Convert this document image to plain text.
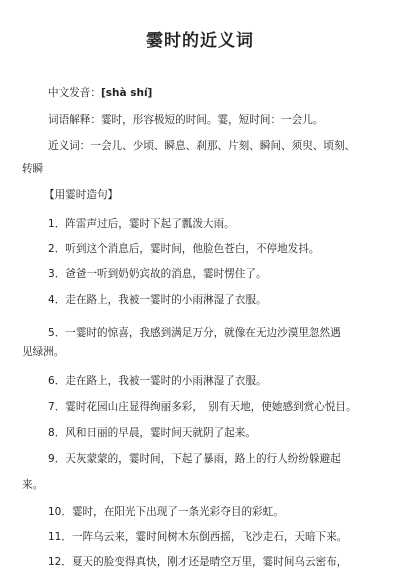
霎时的近义词
中文发音：[shà shí]
词语解释：霎时，形容极短的时间。霎，短时间：一会儿。
近义词：一会儿、少顷、瞬息、刹那、片刻、瞬间、须臾、顷刻、
转瞬
【用霎时造句】
1．阵雷声过后，霎时下起了瓢泼大雨。
2．听到这个消息后，霎时间，他脸色苍白，不停地发抖。
3．爸爸一听到奶奶宾故的消息，霎时愣住了。
4．走在路上，我被一霎时的小雨淋湿了衣服。
5．一霎时的惊喜，我感到满足万分，就像在无边沙漠里忽然遇
见绿洲。
6．走在路上，我被一霎时的小雨淋湿了衣服。
7．霎时花园山庄显得绚丽多彩，　别有天地，使她感到赏心悦目。
8．风和日丽的早晨，霎时间天就阴了起来。
9．天灰蒙蒙的，霎时间，下起了暴雨，路上的行人纷纷躲避起
来。
10．霎时，在阳光下出现了一条光彩夺目的彩虹。
11．一阵乌云来，霎时间树木东倒西摇，飞沙走石，天暗下来。
12．夏天的脸变得真快，刚才还是晴空万里，霎时间乌云密布，
